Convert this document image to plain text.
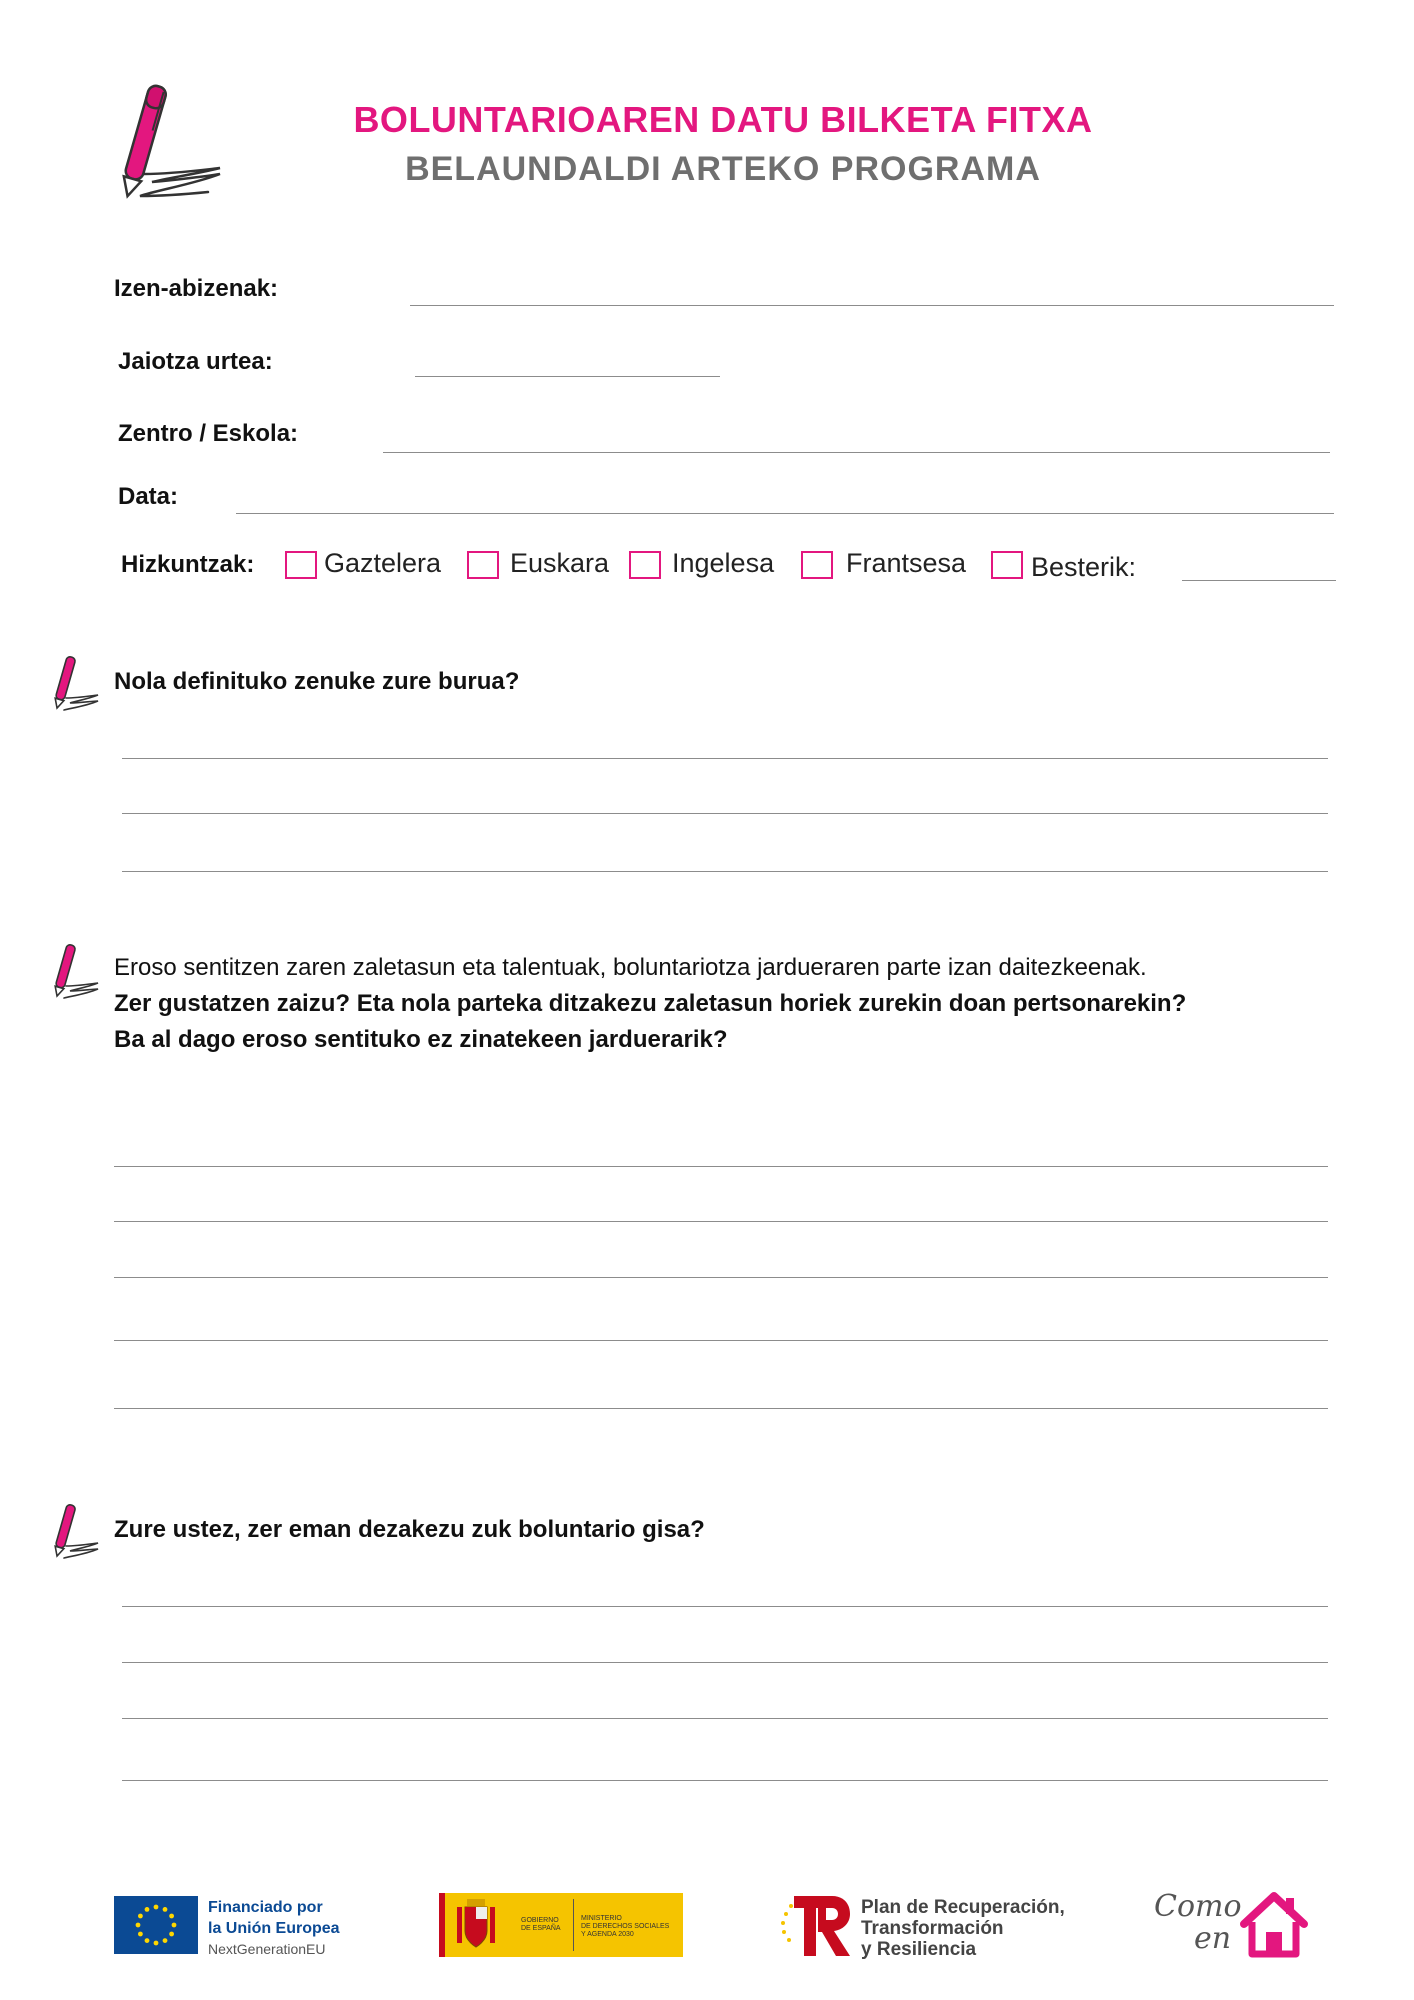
BOLUNTARIOAREN DATU BILKETA FITXA
BELAUNDALDI ARTEKO PROGRAMA
Izen-abizenak:
Jaiotza urtea:
Zentro / Eskola:
Data:
Hizkuntzak:	Gaztelera	Euskara Ingelesa	Frantsesa Besterik:
Nola definituko zenuke zure burua?
Eroso sentitzen zaren zaletasun eta talentuak, boluntariotza jardueraren parte izan daitezkeenak.
Zer gustatzen zaizu? Eta nola parteka ditzakezu zaletasun horiek zurekin doan pertsonarekin?
Ba al dago eroso sentituko ez zinatekeen jarduerarik?
Zure ustez, zer eman dezakezu zuk boluntario gisa?
Financiado por
la Unión Europea
NextGenerationEU
GOBIERNO
DE ESPAÑA
MINISTERIO
DE DERECHOS SOCIALES
Y AGENDA 2030
Plan de Recuperación,
Transformación
y Resiliencia
Como
en
